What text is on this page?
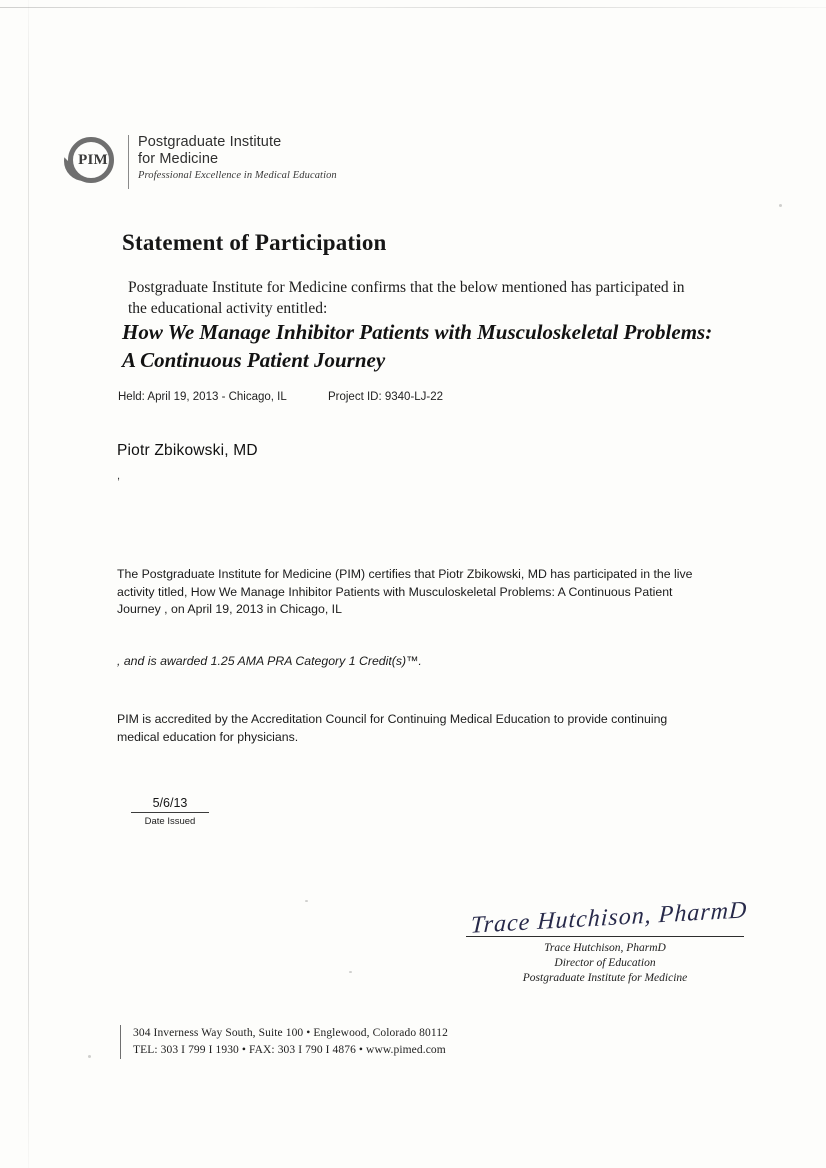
PIM
Postgraduate Institute
for Medicine
Professional Excellence in Medical Education
Statement of Participation
Postgraduate Institute for Medicine confirms that the below mentioned has participated in the educational activity entitled:
How We Manage Inhibitor Patients with Musculoskeletal Problems: A Continuous Patient Journey
Held: April 19, 2013 - Chicago, IL	Project ID: 9340-LJ-22
Piotr Zbikowski, MD
,
The Postgraduate Institute for Medicine (PIM) certifies that Piotr Zbikowski, MD has participated in the live activity titled, How We Manage Inhibitor Patients with Musculoskeletal Problems: A Continuous Patient Journey , on April 19, 2013 in Chicago, IL
, and is awarded 1.25 AMA PRA Category 1 Credit(s)™.
PIM is accredited by the Accreditation Council for Continuing Medical Education to provide continuing medical education for physicians.
5/6/13
Date Issued
Trace Hutchison, PharmD
Trace Hutchison, PharmD
Director of Education
Postgraduate Institute for Medicine
304 Inverness Way South, Suite 100 • Englewood, Colorado 80112
TEL: 303 I 799 I 1930 • FAX: 303 I 790 I 4876 • www.pimed.com
